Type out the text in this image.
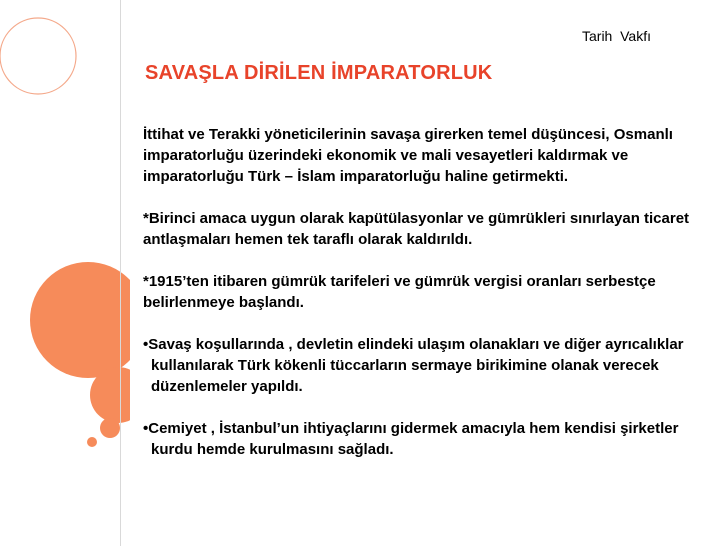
Tarih  Vakfı
SAVAŞLA DİRİLEN İMPARATORLUK

İttihat ve Terakki yöneticilerinin savaşa girerken temel düşüncesi, Osmanlı imparatorluğu üzerindeki ekonomik ve mali vesayetleri kaldırmak ve imparatorluğu Türk – İslam imparatorluğu haline getirmekti.

*Birinci amaca uygun olarak kapütülasyonlar ve gümrükleri sınırlayan ticaret antlaşmaları hemen tek taraflı olarak kaldırıldı.

*1915’ten itibaren gümrük tarifeleri ve gümrük vergisi oranları serbestçe belirlenmeye başlandı.

•Savaş koşullarında , devletin elindeki ulaşım olanakları ve diğer ayrıcalıklar kullanılarak Türk kökenli tüccarların sermaye birikimine olanak verecek düzenlemeler yapıldı.

•Cemiyet , İstanbul’un ihtiyaçlarını gidermek amacıyla hem kendisi şirketler kurdu hemde kurulmasını sağladı.
